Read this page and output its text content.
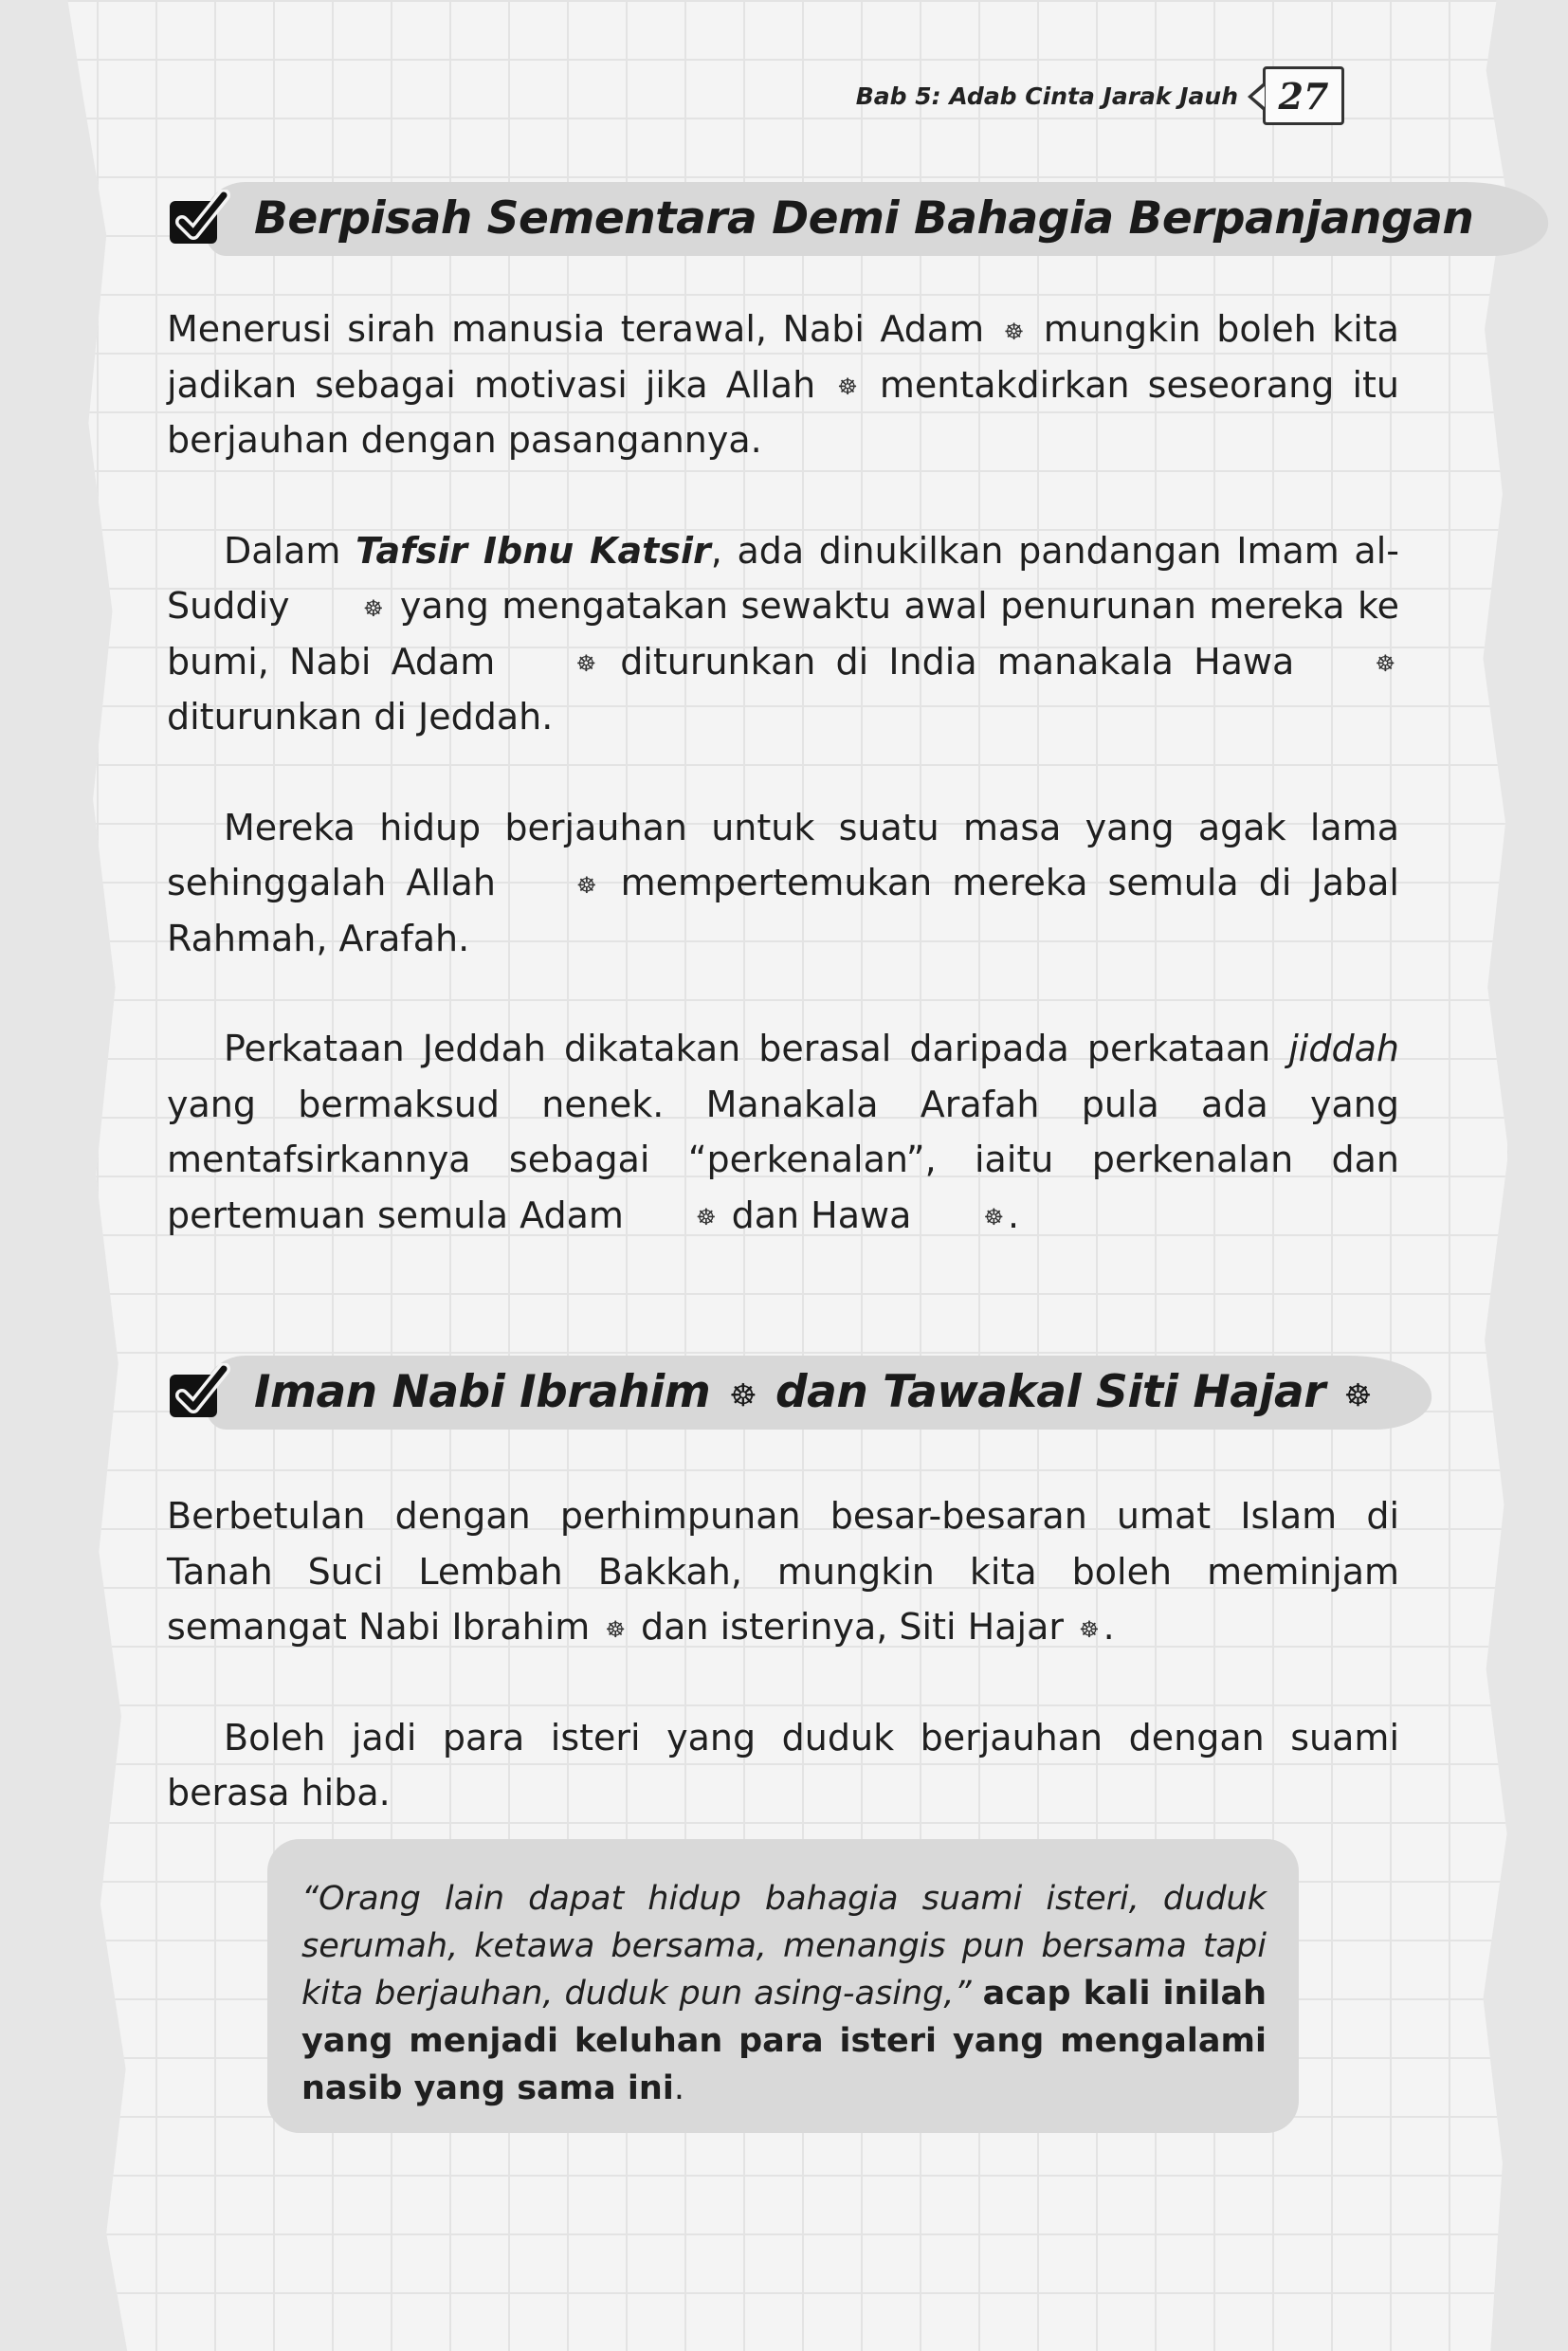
Bab 5: Adab Cinta Jarak Jauh 27
Berpisah Sementara Demi Bahagia Berpanjangan

Menerusi sirah manusia terawal, Nabi Adam ☸ mungkin boleh kita jadikan sebagai motivasi jika Allah ☸ mentakdirkan seseorang itu berjauhan dengan pasangannya.

Dalam Tafsir Ibnu Katsir, ada dinukilkan pandangan Imam al-Suddiy	☸ yang mengatakan sewaktu awal penurunan mereka ke bumi, Nabi Adam	☸ diturunkan di India manakala Hawa	☸ diturunkan di Jeddah.

Mereka hidup berjauhan untuk suatu masa yang agak lama sehinggalah Allah	☸ mempertemukan mereka semula di Jabal Rahmah, Arafah.

Perkataan Jeddah dikatakan berasal daripada perkataan jiddah yang bermaksud nenek. Manakala Arafah pula ada yang mentafsirkannya sebagai “perkenalan”, iaitu perkenalan dan pertemuan semula Adam	☸ dan Hawa	☸ .

Iman Nabi Ibrahim ☸ dan Tawakal Siti Hajar ☸

Berbetulan dengan perhimpunan besar-besaran umat Islam di Tanah Suci Lembah Bakkah, mungkin kita boleh meminjam semangat Nabi Ibrahim ☸ dan isterinya, Siti Hajar ☸ .

Boleh jadi para isteri yang duduk berjauhan dengan suami berasa hiba.

“Orang lain dapat hidup bahagia suami isteri, duduk serumah, ketawa bersama, menangis pun bersama tapi kita berjauhan, duduk pun asing-asing,” acap kali inilah yang menjadi keluhan para isteri yang mengalami nasib yang sama ini.
